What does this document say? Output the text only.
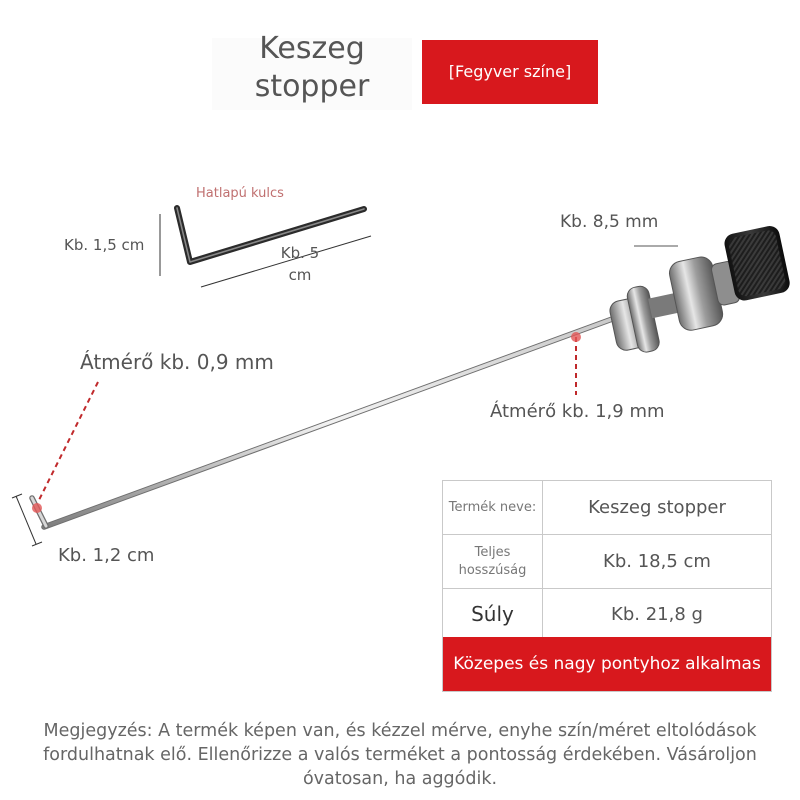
Keszeg stopper	[Fegyver színe]
Hatlapú kulcs
Kb. 1,5 cm	Kb. 5 cm
Kb. 8,5 mm
Átmérő kb. 0,9 mm
Átmérő kb. 1,9 mm
Kb. 1,2 cm
Termék neve:	Keszeg stopper
Teljes hosszúság	Kb. 18,5 cm
Súly	Kb. 21,8 g
Közepes és nagy pontyhoz alkalmas
Megjegyzés: A termék képen van, és kézzel mérve, enyhe szín/méret eltolódások fordulhatnak elő. Ellenőrizze a valós terméket a pontosság érdekében. Vásároljon óvatosan, ha aggódik.
